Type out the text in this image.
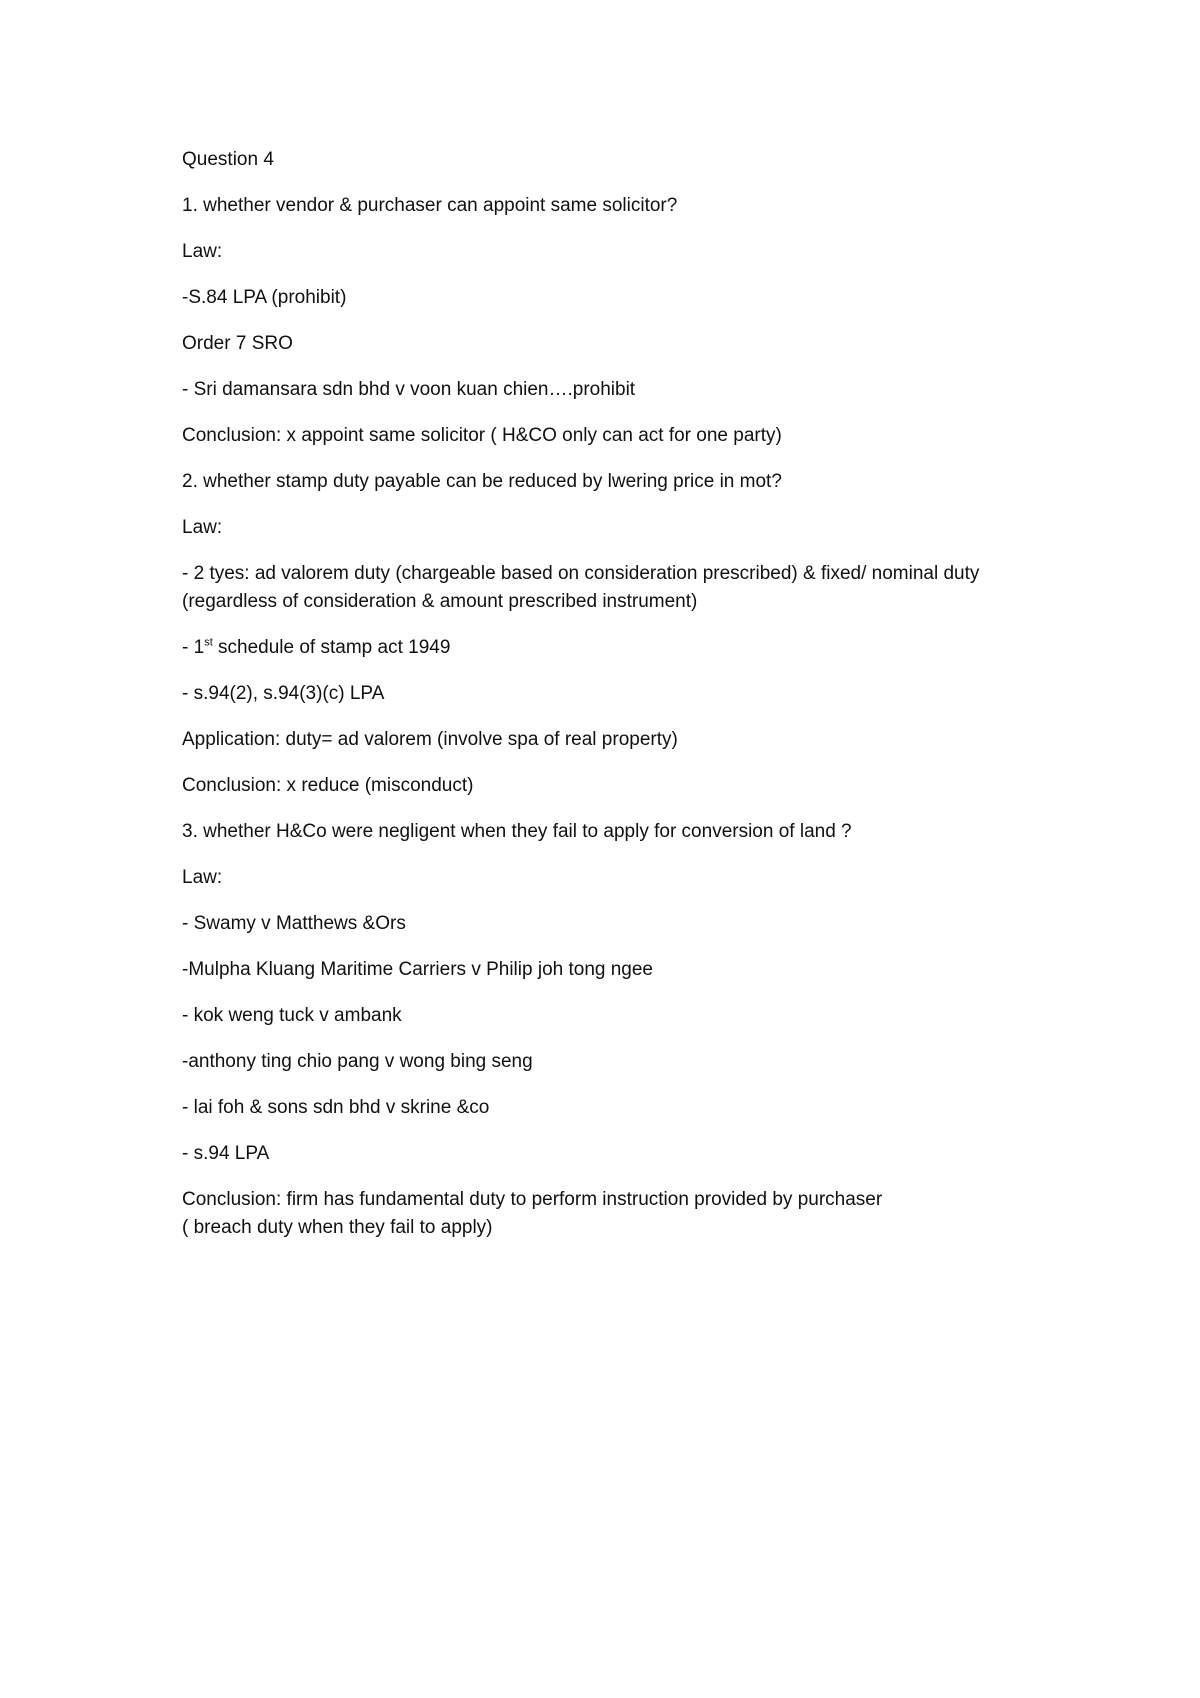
Question 4

1. whether vendor & purchaser can appoint same solicitor?

Law:

-S.84 LPA (prohibit)

Order 7 SRO

- Sri damansara sdn bhd v voon kuan chien….prohibit

Conclusion: x appoint same solicitor ( H&CO only can act for one party)

2. whether stamp duty payable can be reduced by lwering price in mot?

Law:

- 2 tyes: ad valorem duty (chargeable based on consideration prescribed) & fixed/ nominal duty (regardless of consideration & amount prescribed instrument)

- 1st schedule of stamp act 1949

- s.94(2), s.94(3)(c) LPA

Application: duty= ad valorem (involve spa of real property)

Conclusion: x reduce (misconduct)

3. whether H&Co were negligent when they fail to apply for conversion of land ?

Law:

- Swamy v Matthews &Ors

-Mulpha Kluang Maritime Carriers v Philip joh tong ngee

- kok weng tuck v ambank

-anthony ting chio pang v wong bing seng

- lai foh & sons sdn bhd v skrine &co

- s.94 LPA

Conclusion: firm has fundamental duty to perform instruction provided by purchaser

( breach duty when they fail to apply)
